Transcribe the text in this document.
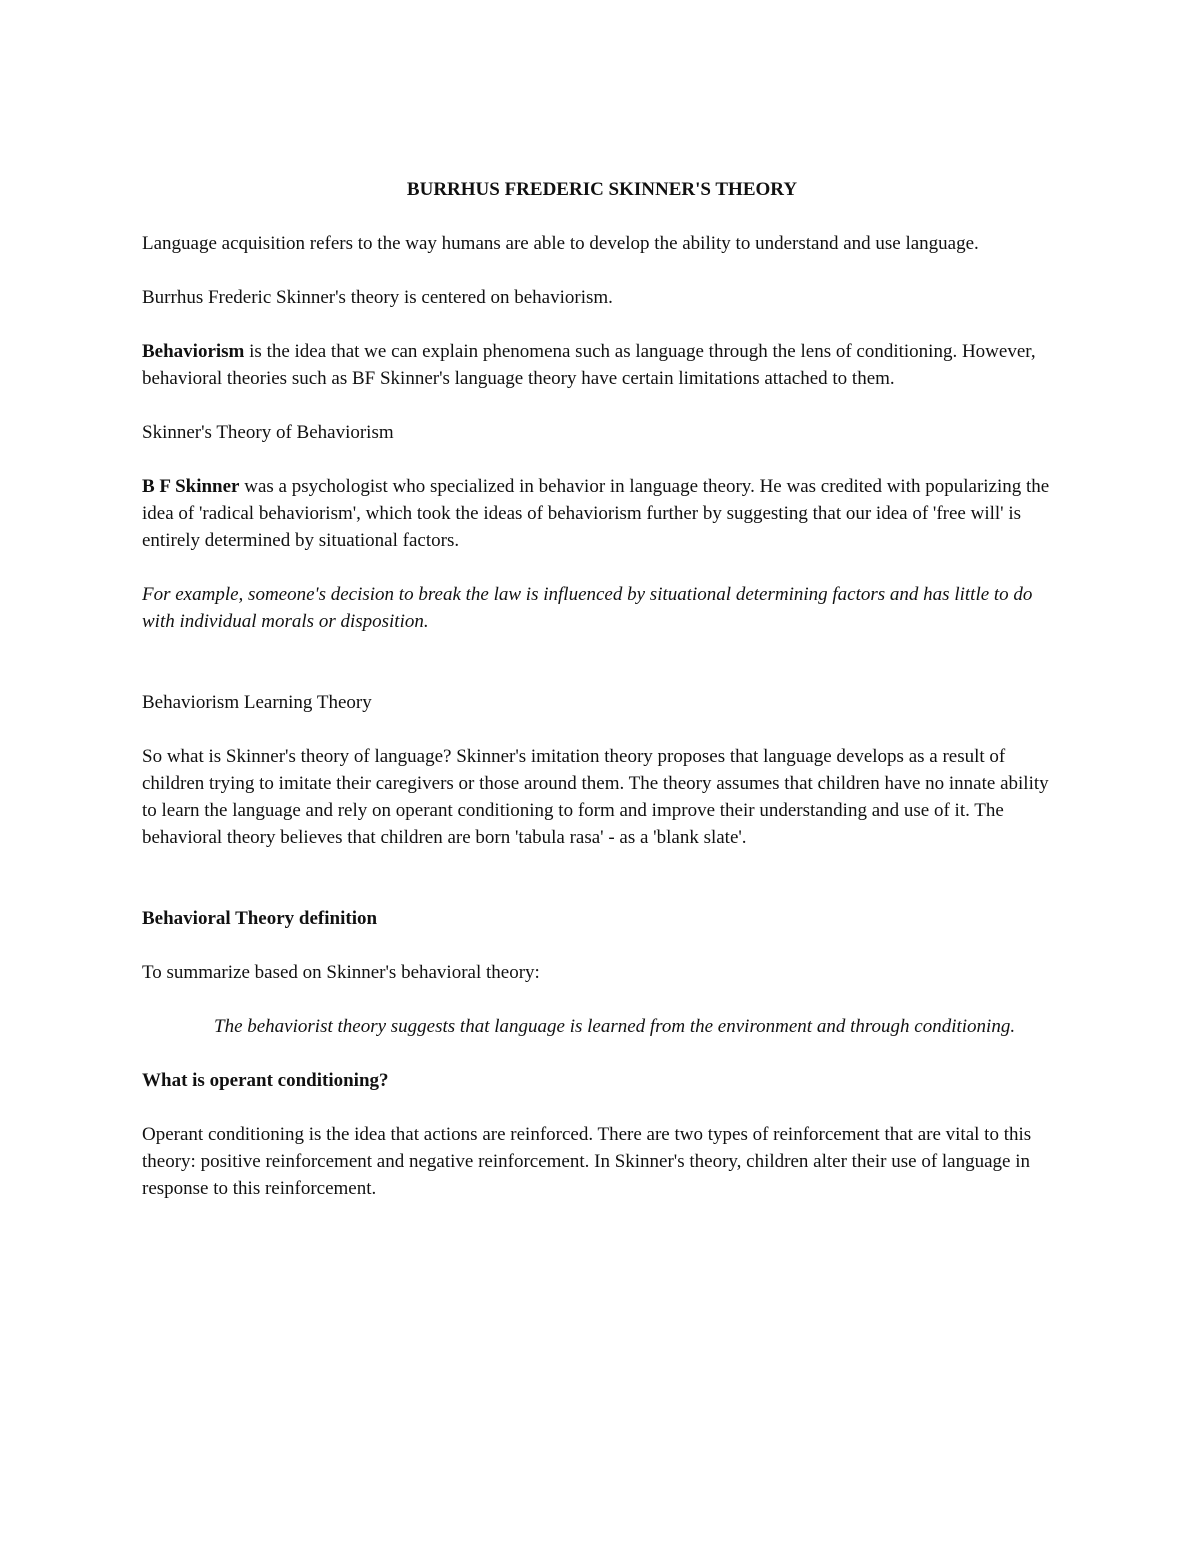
BURRHUS FREDERIC SKINNER'S THEORY

Language acquisition refers to the way humans are able to develop the ability to understand and use language.

Burrhus Frederic Skinner's theory is centered on behaviorism.

Behaviorism is the idea that we can explain phenomena such as language through the lens of conditioning. However, behavioral theories such as BF Skinner's language theory have certain limitations attached to them.

Skinner's Theory of Behaviorism

B F Skinner was a psychologist who specialized in behavior in language theory. He was credited with popularizing the idea of 'radical behaviorism', which took the ideas of behaviorism further by suggesting that our idea of 'free will' is entirely determined by situational factors.

For example, someone's decision to break the law is influenced by situational determining factors and has little to do with individual morals or disposition.

Behaviorism Learning Theory

So what is Skinner's theory of language? Skinner's imitation theory proposes that language develops as a result of children trying to imitate their caregivers or those around them. The theory assumes that children have no innate ability to learn the language and rely on operant conditioning to form and improve their understanding and use of it. The behavioral theory believes that children are born 'tabula rasa' - as a 'blank slate'.

Behavioral Theory definition

To summarize based on Skinner's behavioral theory:

The behaviorist theory suggests that language is learned from the environment and through conditioning.

What is operant conditioning?

Operant conditioning is the idea that actions are reinforced. There are two types of reinforcement that are vital to this theory: positive reinforcement and negative reinforcement. In Skinner's theory, children alter their use of language in response to this reinforcement.
